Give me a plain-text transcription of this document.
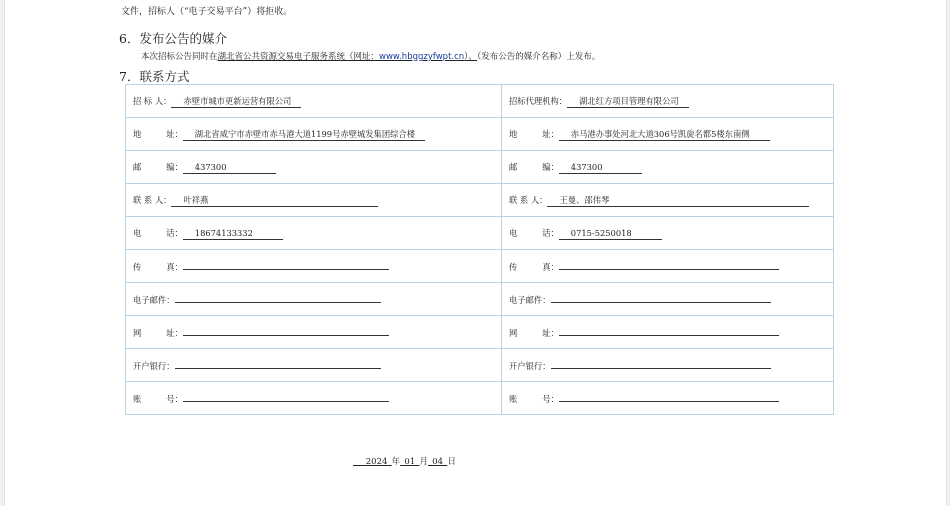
文件，招标人（“电子交易平台”）将拒收。
6．发布公告的媒介
本次招标公告同时在湖北省公共资源交易电子服务系统（网址：www.hbggzyfwpt.cn）、（发布公告的媒介名称）上发布。
7．联系方式
招 标 人： 赤壁市城市更新运营有限公司	招标代理机构： 湖北红方项目管理有限公司
地　　　址： 湖北省咸宁市赤壁市赤马港大道1199号赤壁城发集团综合楼	地　　　址： 赤马港办事处河北大道306号凯旋名都5楼东南侧
邮　　　编： 437300	邮　　　编： 437300
联 系 人： 叶祥燕	联 系 人： 王曼、邵伟琴
电　　　话： 18674133332	电　　　话： 0715-5250018
传　　　真：	传　　　真：
电子邮件：	电子邮件：
网　　　址：	网　　　址：
开户银行：	开户银行：
账　　　号：	账　　　号：
  2024  年  01  月  04  日
